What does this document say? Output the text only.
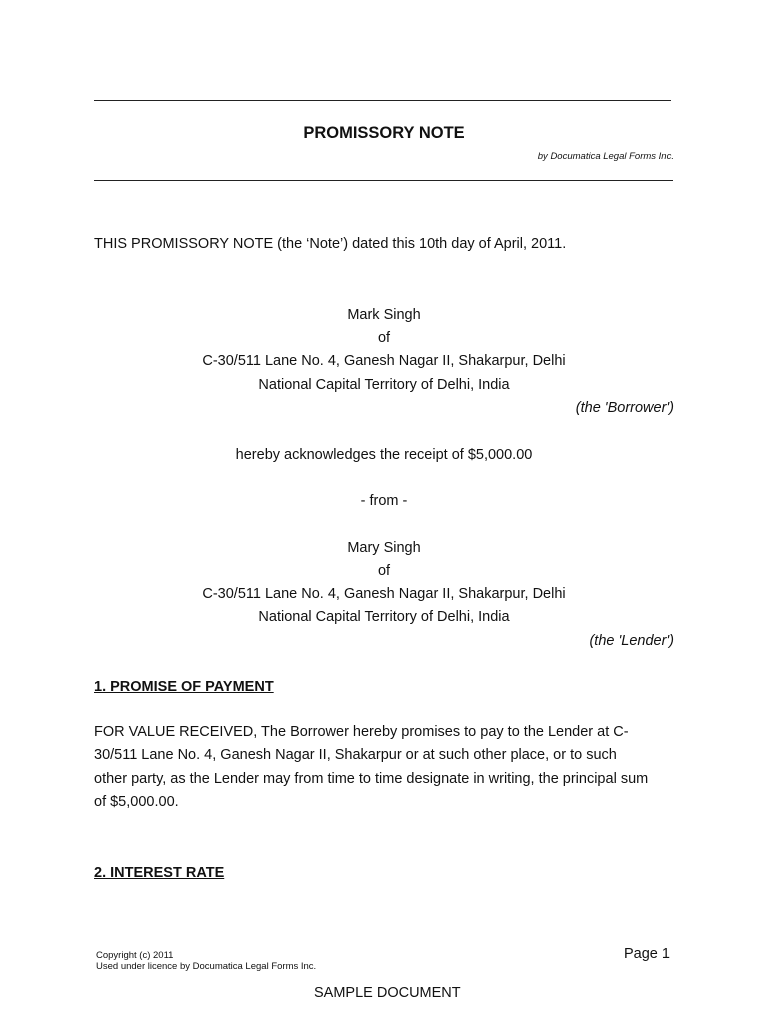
PROMISSORY NOTE
by Documatica Legal Forms Inc.
THIS PROMISSORY NOTE (the ‘Note’) dated this 10th day of April, 2011.
Mark Singh
of
C-30/511 Lane No. 4, Ganesh Nagar II, Shakarpur, Delhi
National Capital Territory of Delhi, India
(the 'Borrower')
hereby acknowledges the receipt of $5,000.00
- from -
Mary Singh
of
C-30/511 Lane No. 4, Ganesh Nagar II, Shakarpur, Delhi
National Capital Territory of Delhi, India
(the 'Lender')
1. PROMISE OF PAYMENT
FOR VALUE RECEIVED, The Borrower hereby promises to pay to the Lender at C-
30/511 Lane No. 4, Ganesh Nagar II, Shakarpur or at such other place, or to such
other party, as the Lender may from time to time designate in writing, the principal sum
of $5,000.00.
2. INTEREST RATE
Copyright (c) 2011
Used under licence by Documatica Legal Forms Inc.
Page 1
SAMPLE DOCUMENT
